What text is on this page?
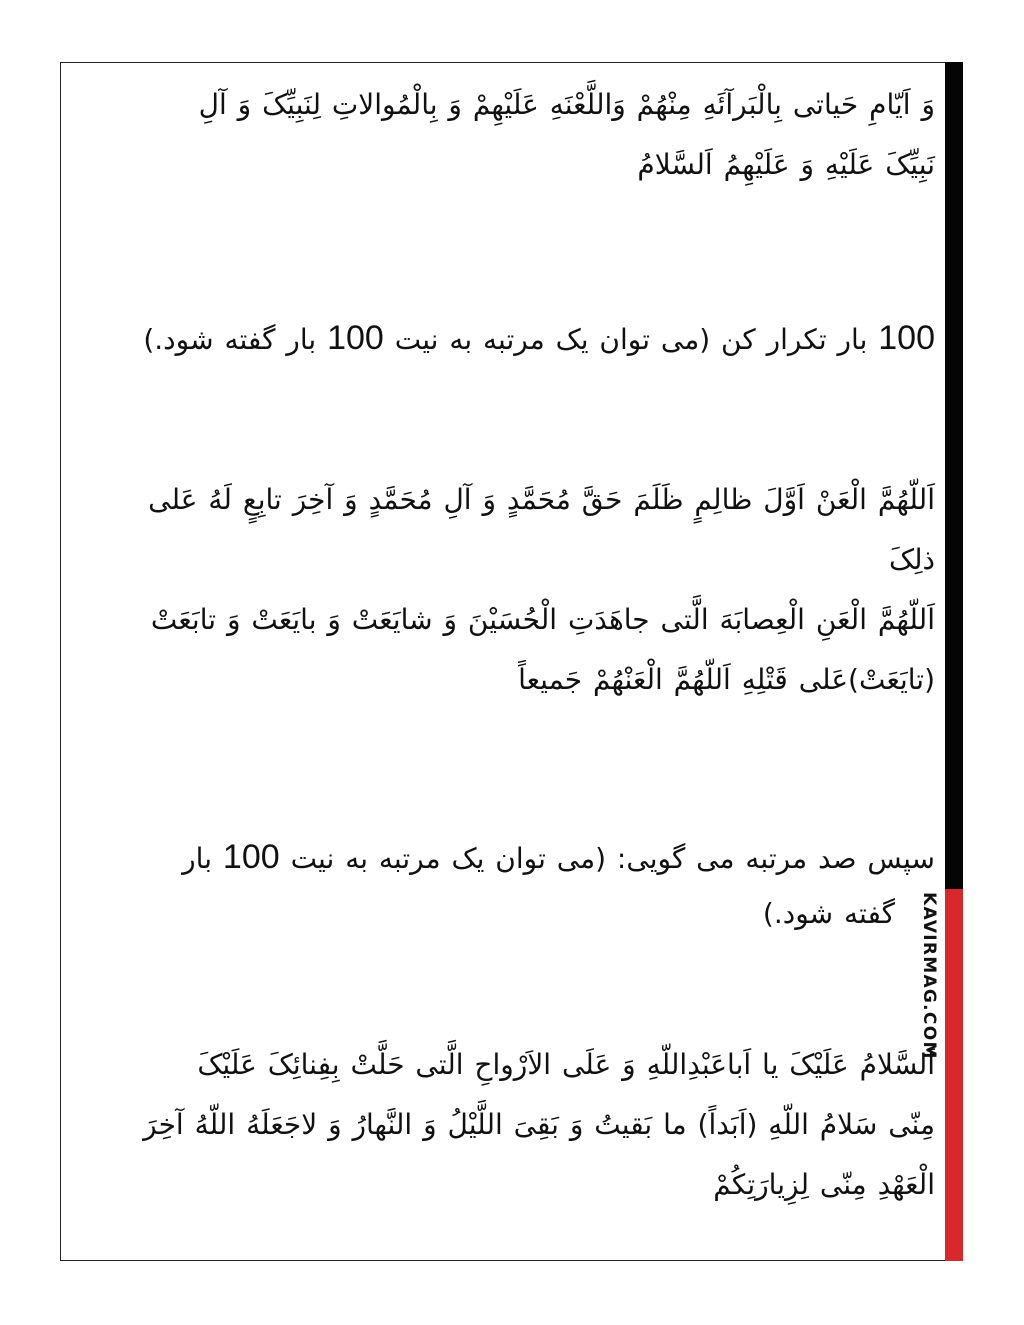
KAVIRMAG.COM
وَ اَیّامِ حَیاتی بِالْبَرآئَهِ مِنْهُمْ وَاللَّعْنَهِ عَلَیْهِمْ وَ بِالْمُوالاتِ لِنَبِیِّکَ وَ آلِ
نَبِیِّکَ عَلَیْهِ وَ عَلَیْهِمُ اَلسَّلامُ
100 بار تکرار کن (می توان یک مرتبه به نیت 100 بار گفته شود.)
اَللّهُمَّ الْعَنْ اَوَّلَ ظالِمٍ ظَلَمَ حَقَّ مُحَمَّدٍ وَ آلِ مُحَمَّدٍ وَ آخِرَ تابِعٍ لَهُ عَلی
ذلِکَ
اَللّهُمَّ الْعَنِ الْعِصابَهَ الَّتی جاهَدَتِ الْحُسَیْنَ وَ شایَعَتْ وَ بایَعَتْ وَ تابَعَتْ
(تایَعَتْ)عَلی قَتْلِهِ اَللّهُمَّ الْعَنْهُمْ جَمیعاً
سپس صد مرتبه می گویی: (می توان یک مرتبه به نیت 100 بار
گفته شود.)
اَلسَّلامُ عَلَیْکَ یا اَباعَبْدِاللّهِ وَ عَلَی الاَرْواحِ الَّتی حَلَّتْ بِفِنائِکَ عَلَیْکَ
مِنّی سَلامُ اللّهِ (اَبَداً) ما بَقیتُ وَ بَقِیَ اللَّیْلُ وَ النَّهارُ وَ لاجَعَلَهُ اللّهُ آخِرَ
الْعَهْدِ مِنّی لِزِیارَتِکُمْ
